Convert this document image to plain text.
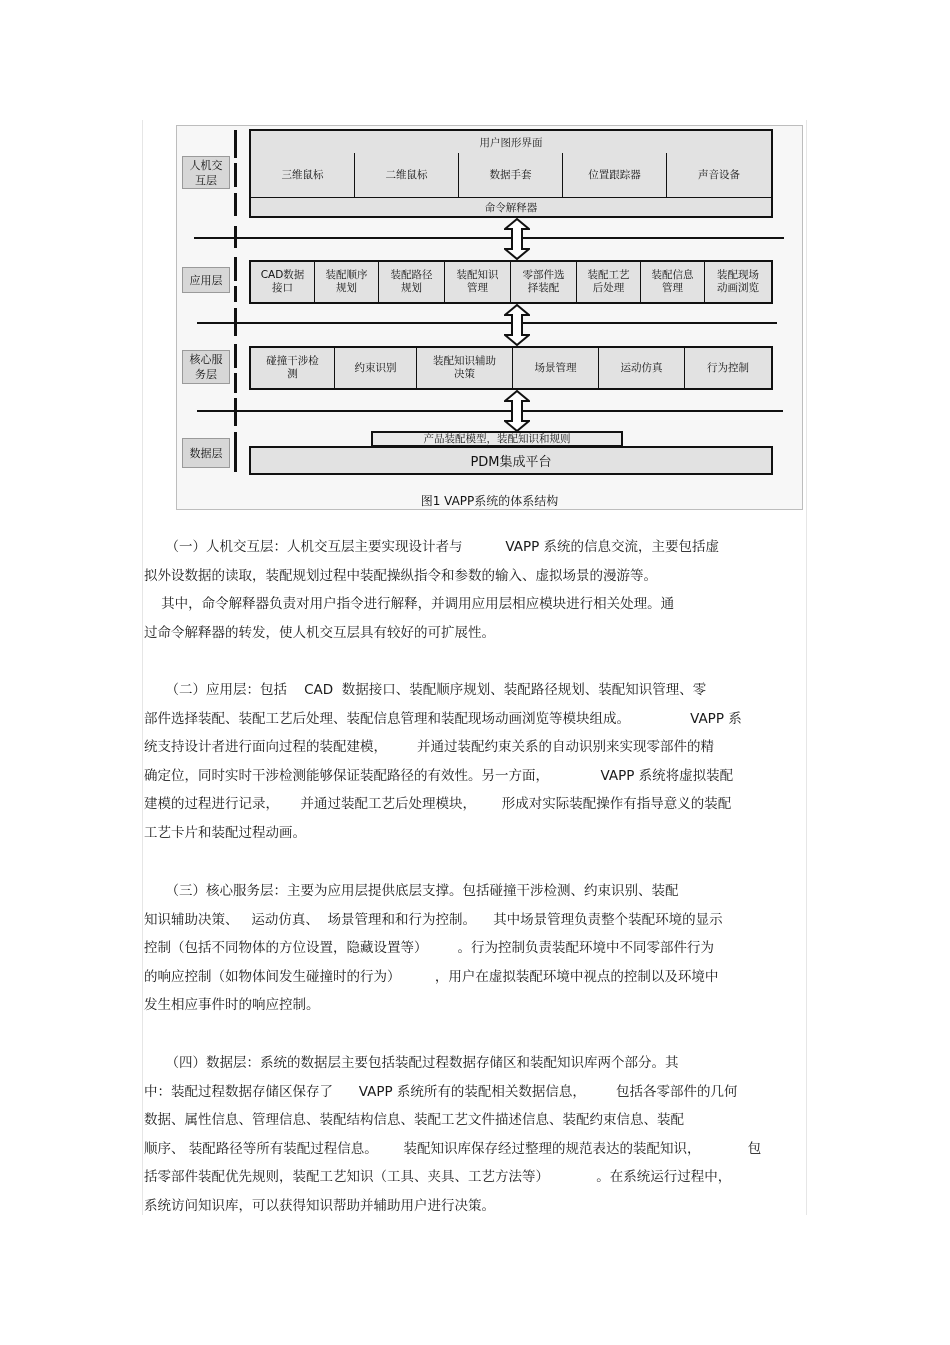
人机交
互层
应用层
核心服
务层
数据层
用户图形界面
三维鼠标	二维鼠标	数据手套	位置跟踪器	声音设备
命令解释器
CAD数据
接口
装配顺序
规划
装配路径
规划
装配知识
管理
零部件选
择装配
装配工艺
后处理
装配信息
管理
装配现场
动画浏览
碰撞干涉检
测
约束识别
装配知识辅助
决策
场景管理	运动仿真	行为控制
产品装配模型，装配知识和规则
PDM集成平台
图1 VAPP系统的体系结构
（一）人机交互层：人机交互层主要实现设计者与          VAPP 系统的信息交流，主要包括虚
拟外设数据的读取，装配规划过程中装配操纵指令和参数的输入、虚拟场景的漫游等。
其中，命令解释器负责对用户指令进行解释，并调用应用层相应模块进行相关处理。通
过命令解释器的转发，使人机交互层具有较好的可扩展性。
（二）应用层：包括    CAD  数据接口、装配顺序规划、装配路径规划、装配知识管理、零
部件选择装配、装配工艺后处理、装配信息管理和装配现场动画浏览等模块组成。              VAPP 系
统支持设计者进行面向过程的装配建模，       并通过装配约束关系的自动识别来实现零部件的精
确定位，同时实时干涉检测能够保证装配路径的有效性。另一方面，            VAPP 系统将虚拟装配
建模的过程进行记录，     并通过装配工艺后处理模块，      形成对实际装配操作有指导意义的装配
工艺卡片和装配过程动画。
（三）核心服务层：主要为应用层提供底层支撑。包括碰撞干涉检测、约束识别、装配
知识辅助决策、   运动仿真、  场景管理和和行为控制。    其中场景管理负责整个装配环境的显示
控制（包括不同物体的方位设置，隐藏设置等）       。行为控制负责装配环境中不同零部件行为
的响应控制（如物体间发生碰撞时的行为）        ，用户在虚拟装配环境中视点的控制以及环境中
发生相应事件时的响应控制。
（四）数据层：系统的数据层主要包括装配过程数据存储区和装配知识库两个部分。其
中：装配过程数据存储区保存了      VAPP 系统所有的装配相关数据信息，       包括各零部件的几何
数据、属性信息、管理信息、装配结构信息、装配工艺文件描述信息、装配约束信息、装配
顺序、 装配路径等所有装配过程信息。      装配知识库保存经过整理的规范表达的装配知识，           包
括零部件装配优先规则，装配工艺知识（工具、夹具、工艺方法等）           。在系统运行过程中，
系统访问知识库，可以获得知识帮助并辅助用户进行决策。
